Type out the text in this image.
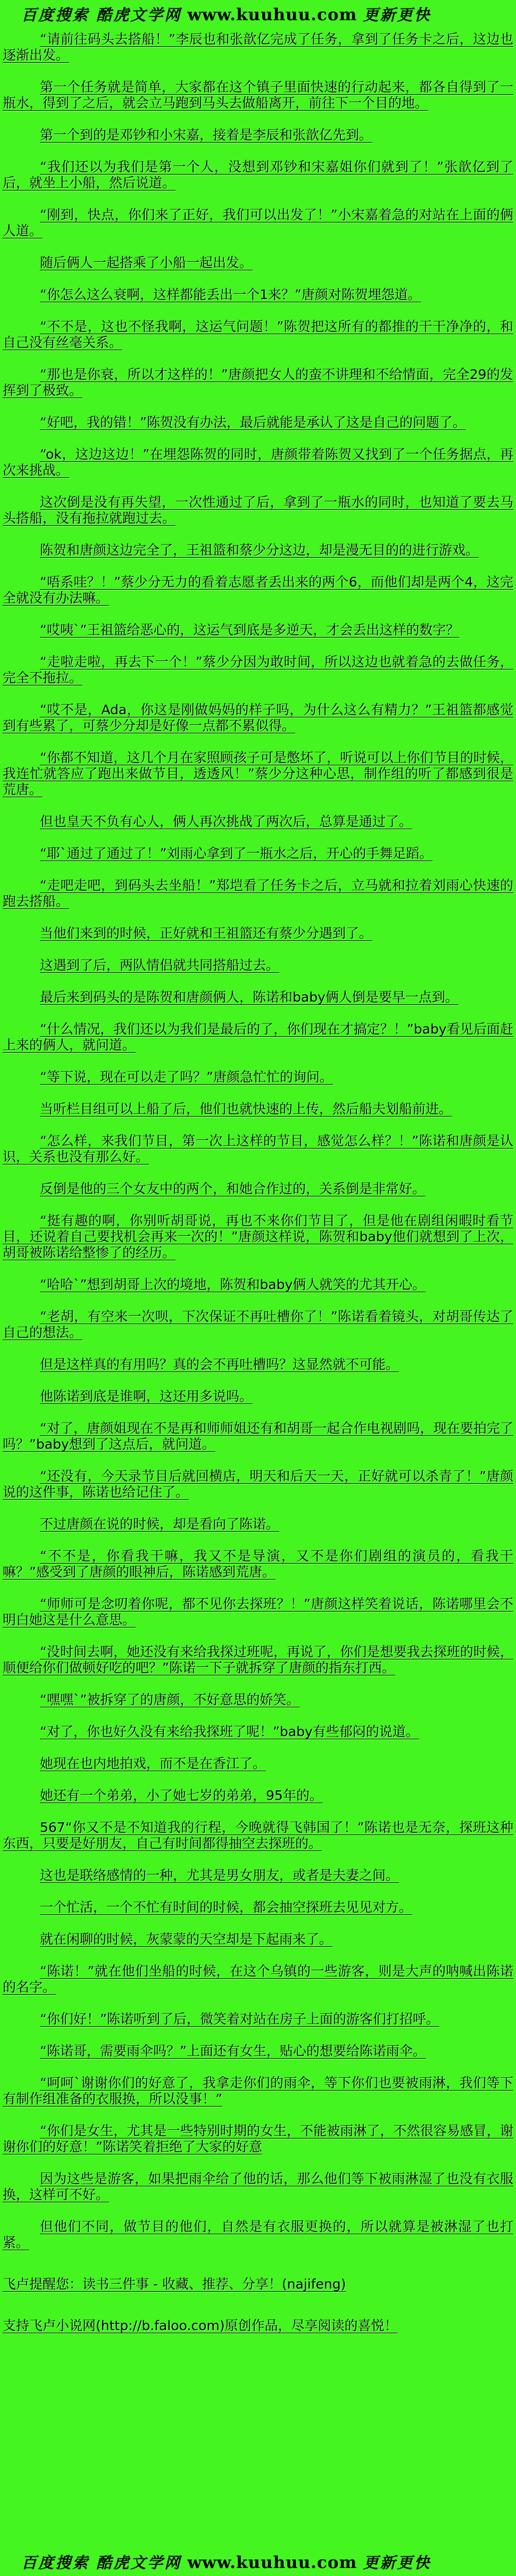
百度搜索 酷虎文学网 www.kuuhuu.com 更新更快

“请前往码头去搭船！”李辰也和张歆亿完成了任务，拿到了任务卡之后，这边也逐渐出发。

第一个任务就是简单，大家都在这个镇子里面快速的行动起来，都各自得到了一瓶水，得到了之后，就会立马跑到马头去做船离开，前往下一个目的地。

第一个到的是邓钞和小宋嘉，接着是李辰和张歆亿先到。

“我们还以为我们是第一个人，没想到邓钞和宋嘉姐你们就到了！”张歆亿到了后，就坐上小船，然后说道。

“刚到，快点，你们来了正好，我们可以出发了！”小宋嘉着急的对站在上面的俩人道。

随后俩人一起搭乘了小船一起出发。

“你怎么这么衰啊，这样都能丢出一个1来？”唐颜对陈贺埋怨道。

“不不是，这也不怪我啊，这运气问题！”陈贺把这所有的都推的干干净净的，和自己没有丝毫关系。

“那也是你衰，所以才这样的！”唐颜把女人的蛮不讲理和不给情面，完全29的发挥到了极致。

“好吧，我的错！”陈贺没有办法，最后就能是承认了这是自己的问题了。

“ok，这边这边！”在埋怨陈贺的同时，唐颜带着陈贺又找到了一个任务据点，再次来挑战。

这次倒是没有再失望，一次性通过了后，拿到了一瓶水的同时，也知道了要去马头搭船，没有拖拉就跑过去。

陈贺和唐颜这边完全了，王祖篮和蔡少分这边，却是漫无目的的进行游戏。

“唔系哇？！”蔡少分无力的看着志愿者丢出来的两个6，而他们却是两个4，这完全就没有办法嘛。

“哎咦`”王祖篮给恶心的，这运气到底是多逆天，才会丢出这样的数字？

“走啦走啦，再去下一个！”蔡少分因为敢时间，所以这边也就着急的去做任务，完全不拖拉。

“哎不是，Ada，你这是刚做妈妈的样子吗，为什么这么有精力？”王祖篮都感觉到有些累了，可蔡少分却是好像一点都不累似得。

“你都不知道，这几个月在家照顾孩子可是憋坏了，听说可以上你们节目的时候，我连忙就答应了跑出来做节目，透透风！”蔡少分这种心思，制作组的听了都感到很是荒唐。

但也皇天不负有心人，俩人再次挑战了两次后，总算是通过了。

“耶`通过了通过了！”刘雨心拿到了一瓶水之后，开心的手舞足蹈。

“走吧走吧，到码头去坐船！”郑垲看了任务卡之后，立马就和拉着刘雨心快速的跑去搭船。

当他们来到的时候，正好就和王祖篮还有蔡少分遇到了。

这遇到了后，两队情侣就共同搭船过去。

最后来到码头的是陈贺和唐颜俩人，陈诺和baby俩人倒是要早一点到。

“什么情况，我们还以为我们是最后的了，你们现在才搞定？！”baby看见后面赶上来的俩人，就问道。

“等下说，现在可以走了吗？”唐颜急忙忙的询问。

当听栏目组可以上船了后，他们也就快速的上传，然后船夫划船前进。

“怎么样，来我们节目，第一次上这样的节目，感觉怎么样？！”陈诺和唐颜是认识，关系也没有那么好。

反倒是他的三个女友中的两个，和她合作过的，关系倒是非常好。

“挺有趣的啊，你别听胡哥说，再也不来你们节目了，但是他在剧组闲暇时看节目，还说着自己要找机会再来一次的！”唐颜这样说，陈贺和baby他们就想到了上次，胡哥被陈诺给整惨了的经历。

“哈哈`”想到胡哥上次的境地，陈贺和baby俩人就笑的尤其开心。

“老胡，有空来一次呗，下次保证不再吐槽你了！”陈诺看着镜头，对胡哥传达了自己的想法。

但是这样真的有用吗？真的会不再吐槽吗？这显然就不可能。

他陈诺到底是谁啊，这还用多说吗。

“对了，唐颜姐现在不是再和师师姐还有和胡哥一起合作电视剧吗，现在要拍完了吗？”baby想到了这点后，就问道。

“还没有，今天录节目后就回横店，明天和后天一天，正好就可以杀青了！”唐颜说的这件事，陈诺也给记住了。

不过唐颜在说的时候，却是看向了陈诺。

“不不是，你看我干嘛，我又不是导演，又不是你们剧组的演员的，看我干嘛？”感受到了唐颜的眼神后，陈诺感到荒唐。

“师师可是念叨着你呢，都不见你去探班？！”唐颜这样笑着说话，陈诺哪里会不明白她这是什么意思。

“没时间去啊，她还没有来给我探过班呢，再说了，你们是想要我去探班的时候，顺便给你们做顿好吃的吧？”陈诺一下子就拆穿了唐颜的指东打西。

“嘿嘿`”被拆穿了的唐颜，不好意思的娇笑。

“对了，你也好久没有来给我探班了呢！”baby有些郁闷的说道。

她现在也内地拍戏，而不是在香江了。

她还有一个弟弟，小了她七岁的弟弟，95年的。

567“你又不是不知道我的行程，今晚就得飞韩国了！”陈诺也是无奈，探班这种东西，只要是好朋友，自己有时间都得抽空去探班的。

这也是联络感情的一种，尤其是男女朋友，或者是夫妻之间。

一个忙活，一个不忙有时间的时候，都会抽空探班去见见对方。

就在闲聊的时候，灰蒙蒙的天空却是下起雨来了。

“陈诺！”就在他们坐船的时候，在这个乌镇的一些游客，则是大声的呐喊出陈诺的名字。

“你们好！”陈诺听到了后，微笑着对站在房子上面的游客们打招呼。

“陈诺哥，需要雨伞吗？”上面还有女生，贴心的想要给陈诺雨伞。

“呵呵`谢谢你们的好意了，我拿走你们的雨伞，等下你们也要被雨淋，我们等下有制作组准备的衣服换，所以没事！”

“你们是女生，尤其是一些特别时期的女生，不能被雨淋了，不然很容易感冒，谢谢你们的好意！”陈诺笑着拒绝了大家的好意

因为这些是游客，如果把雨伞给了他的话，那么他们等下被雨淋湿了也没有衣服换，这样可不好。

但他们不同，做节目的他们，自然是有衣服更换的，所以就算是被淋湿了也打紧。

飞卢提醒您：读书三件事 - 收藏、推荐、分享！(najifeng)

支持飞卢小说网(http://b.faloo.com)原创作品，尽享阅读的喜悦！

百度搜索 酷虎文学网 www.kuuhuu.com 更新更快
